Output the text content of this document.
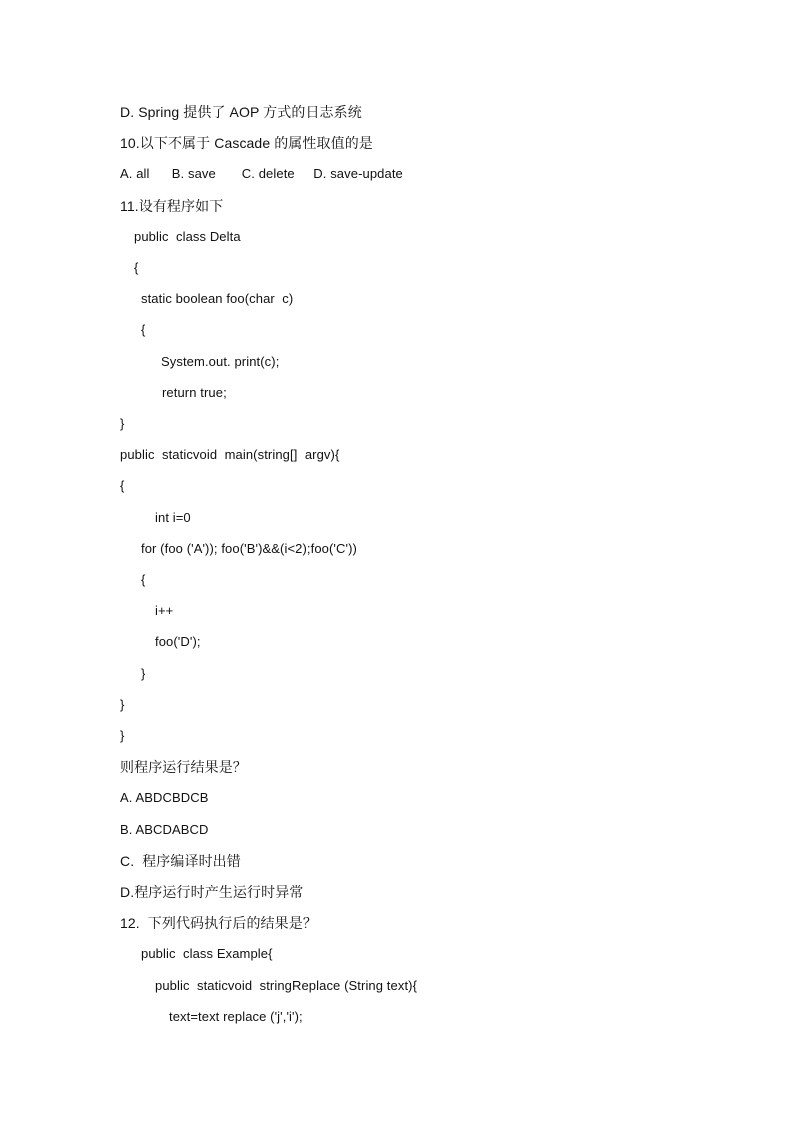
D. Spring 提供了 AOP 方式的日志系统
10.以下不属于 Cascade 的属性取值的是
A. all      B. save       C. delete     D. save-update
11.设有程序如下
public  class Delta
{
static boolean foo(char  c)
{
System.out. print(c);
return true;
}
public  staticvoid  main(string[]  argv){
{
int i=0
for (foo ('A')); foo('B')&&(i<2);foo('C'))
{
i++
foo('D');
}
}
}
则程序运行结果是？
A. ABDCBDCB
B. ABCDABCD
C.  程序编译时出错
D.程序运行时产生运行时异常
12.  下列代码执行后的结果是？
public  class Example{
public  staticvoid  stringReplace (String text){
text=text replace ('j','i');
